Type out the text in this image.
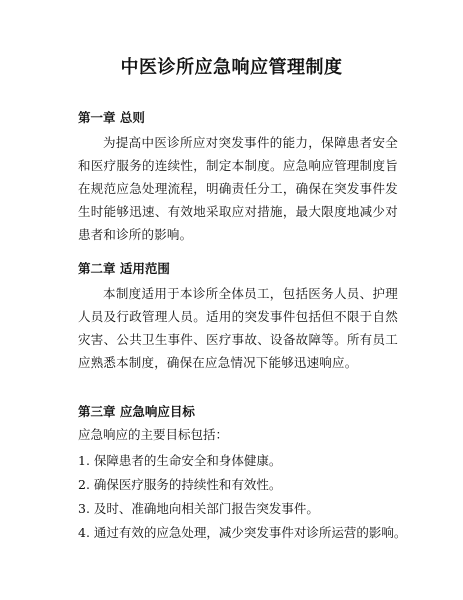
中医诊所应急响应管理制度
第一章 总则
为提高中医诊所应对突发事件的能力，保障患者安全和医疗服务的连续性，制定本制度。应急响应管理制度旨在规范应急处理流程，明确责任分工，确保在突发事件发生时能够迅速、有效地采取应对措施，最大限度地减少对患者和诊所的影响。
第二章 适用范围
本制度适用于本诊所全体员工，包括医务人员、护理人员及行政管理人员。适用的突发事件包括但不限于自然灾害、公共卫生事件、医疗事故、设备故障等。所有员工应熟悉本制度，确保在应急情况下能够迅速响应。
第三章 应急响应目标
应急响应的主要目标包括：
1. 保障患者的生命安全和身体健康。
2. 确保医疗服务的持续性和有效性。
3. 及时、准确地向相关部门报告突发事件。
4. 通过有效的应急处理，减少突发事件对诊所运营的影响。
